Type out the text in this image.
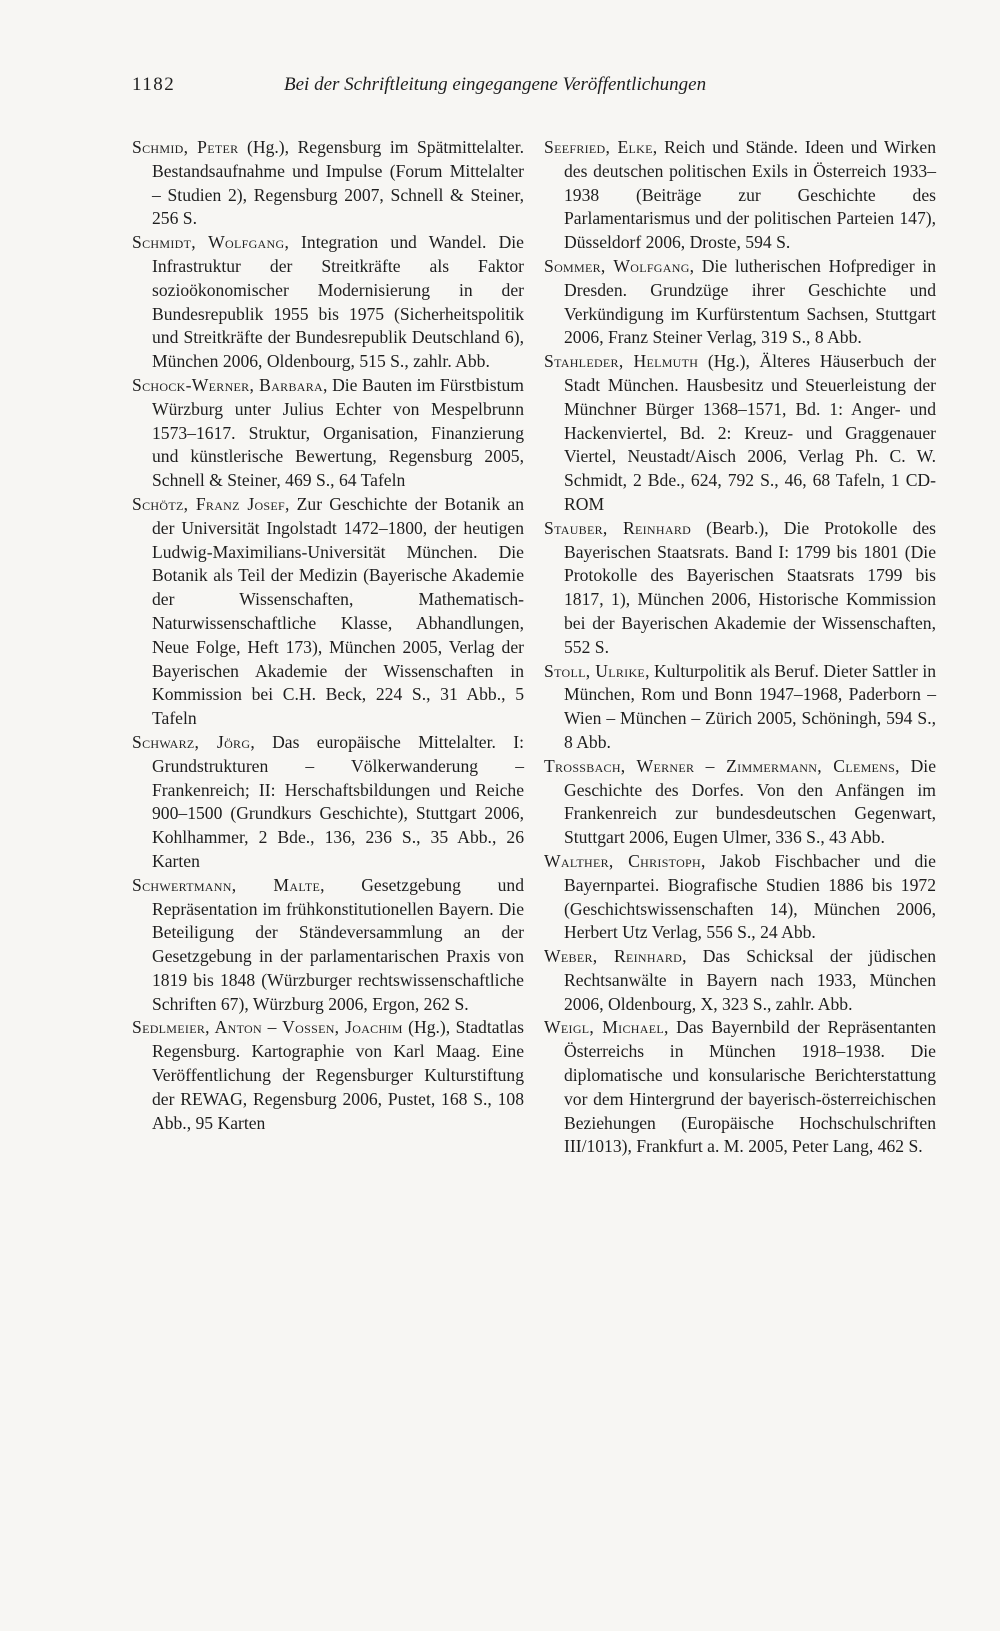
1182	Bei der Schriftleitung eingegangene Veröffentlichungen

Schmid, Peter (Hg.), Regensburg im Spätmittelalter. Bestandsaufnahme und Impulse (Forum Mittelalter – Studien 2), Regensburg 2007, Schnell & Steiner, 256 S.

Schmidt, Wolfgang, Integration und Wandel. Die Infrastruktur der Streitkräfte als Faktor sozioökonomischer Modernisierung in der Bundesrepublik 1955 bis 1975 (Sicherheitspolitik und Streitkräfte der Bundesrepublik Deutschland 6), München 2006, Oldenbourg, 515 S., zahlr. Abb.

Schock-Werner, Barbara, Die Bauten im Fürstbistum Würzburg unter Julius Echter von Mespelbrunn 1573–1617. Struktur, Organisation, Finanzierung und künstlerische Bewertung, Regensburg 2005, Schnell & Steiner, 469 S., 64 Tafeln

Schötz, Franz Josef, Zur Geschichte der Botanik an der Universität Ingolstadt 1472–1800, der heutigen Ludwig-Maximilians-Universität München. Die Botanik als Teil der Medizin (Bayerische Akademie der Wissenschaften, Mathematisch-Naturwissenschaftliche Klasse, Abhandlungen, Neue Folge, Heft 173), München 2005, Verlag der Bayerischen Akademie der Wissenschaften in Kommission bei C.H. Beck, 224 S., 31 Abb., 5 Tafeln

Schwarz, Jörg, Das europäische Mittelalter. I: Grundstrukturen – Völkerwanderung – Frankenreich; II: Herschaftsbildungen und Reiche 900–1500 (Grundkurs Geschichte), Stuttgart 2006, Kohlhammer, 2 Bde., 136, 236 S., 35 Abb., 26 Karten

Schwertmann, Malte, Gesetzgebung und Repräsentation im frühkonstitutionellen Bayern. Die Beteiligung der Ständeversammlung an der Gesetzgebung in der parlamentarischen Praxis von 1819 bis 1848 (Würzburger rechtswissenschaftliche Schriften 67), Würzburg 2006, Ergon, 262 S.

Sedlmeier, Anton – Vossen, Joachim (Hg.), Stadtatlas Regensburg. Kartographie von Karl Maag. Eine Veröffentlichung der Regensburger Kulturstiftung der REWAG, Regensburg 2006, Pustet, 168 S., 108 Abb., 95 Karten

Seefried, Elke, Reich und Stände. Ideen und Wirken des deutschen politischen Exils in Österreich 1933–1938 (Beiträge zur Geschichte des Parlamentarismus und der politischen Parteien 147), Düsseldorf 2006, Droste, 594 S.

Sommer, Wolfgang, Die lutherischen Hofprediger in Dresden. Grundzüge ihrer Geschichte und Verkündigung im Kurfürstentum Sachsen, Stuttgart 2006, Franz Steiner Verlag, 319 S., 8 Abb.

Stahleder, Helmuth (Hg.), Älteres Häuserbuch der Stadt München. Hausbesitz und Steuerleistung der Münchner Bürger 1368–1571, Bd. 1: Anger- und Hackenviertel, Bd. 2: Kreuz- und Graggenauer Viertel, Neustadt/Aisch 2006, Verlag Ph. C. W. Schmidt, 2 Bde., 624, 792 S., 46, 68 Tafeln, 1 CD-ROM

Stauber, Reinhard (Bearb.), Die Protokolle des Bayerischen Staatsrats. Band I: 1799 bis 1801 (Die Protokolle des Bayerischen Staatsrats 1799 bis 1817, 1), München 2006, Historische Kommission bei der Bayerischen Akademie der Wissenschaften, 552 S.

Stoll, Ulrike, Kulturpolitik als Beruf. Dieter Sattler in München, Rom und Bonn 1947–1968, Paderborn – Wien – München – Zürich 2005, Schöningh, 594 S., 8 Abb.

Trossbach, Werner – Zimmermann, Clemens, Die Geschichte des Dorfes. Von den Anfängen im Frankenreich zur bundesdeutschen Gegenwart, Stuttgart 2006, Eugen Ulmer, 336 S., 43 Abb.

Walther, Christoph, Jakob Fischbacher und die Bayernpartei. Biografische Studien 1886 bis 1972 (Geschichtswissenschaften 14), München 2006, Herbert Utz Verlag, 556 S., 24 Abb.

Weber, Reinhard, Das Schicksal der jüdischen Rechtsanwälte in Bayern nach 1933, München 2006, Oldenbourg, X, 323 S., zahlr. Abb.

Weigl, Michael, Das Bayernbild der Repräsentanten Österreichs in München 1918–1938. Die diplomatische und konsularische Berichterstattung vor dem Hintergrund der bayerisch-österreichischen Beziehungen (Europäische Hochschulschriften III/1013), Frankfurt a. M. 2005, Peter Lang, 462 S.
